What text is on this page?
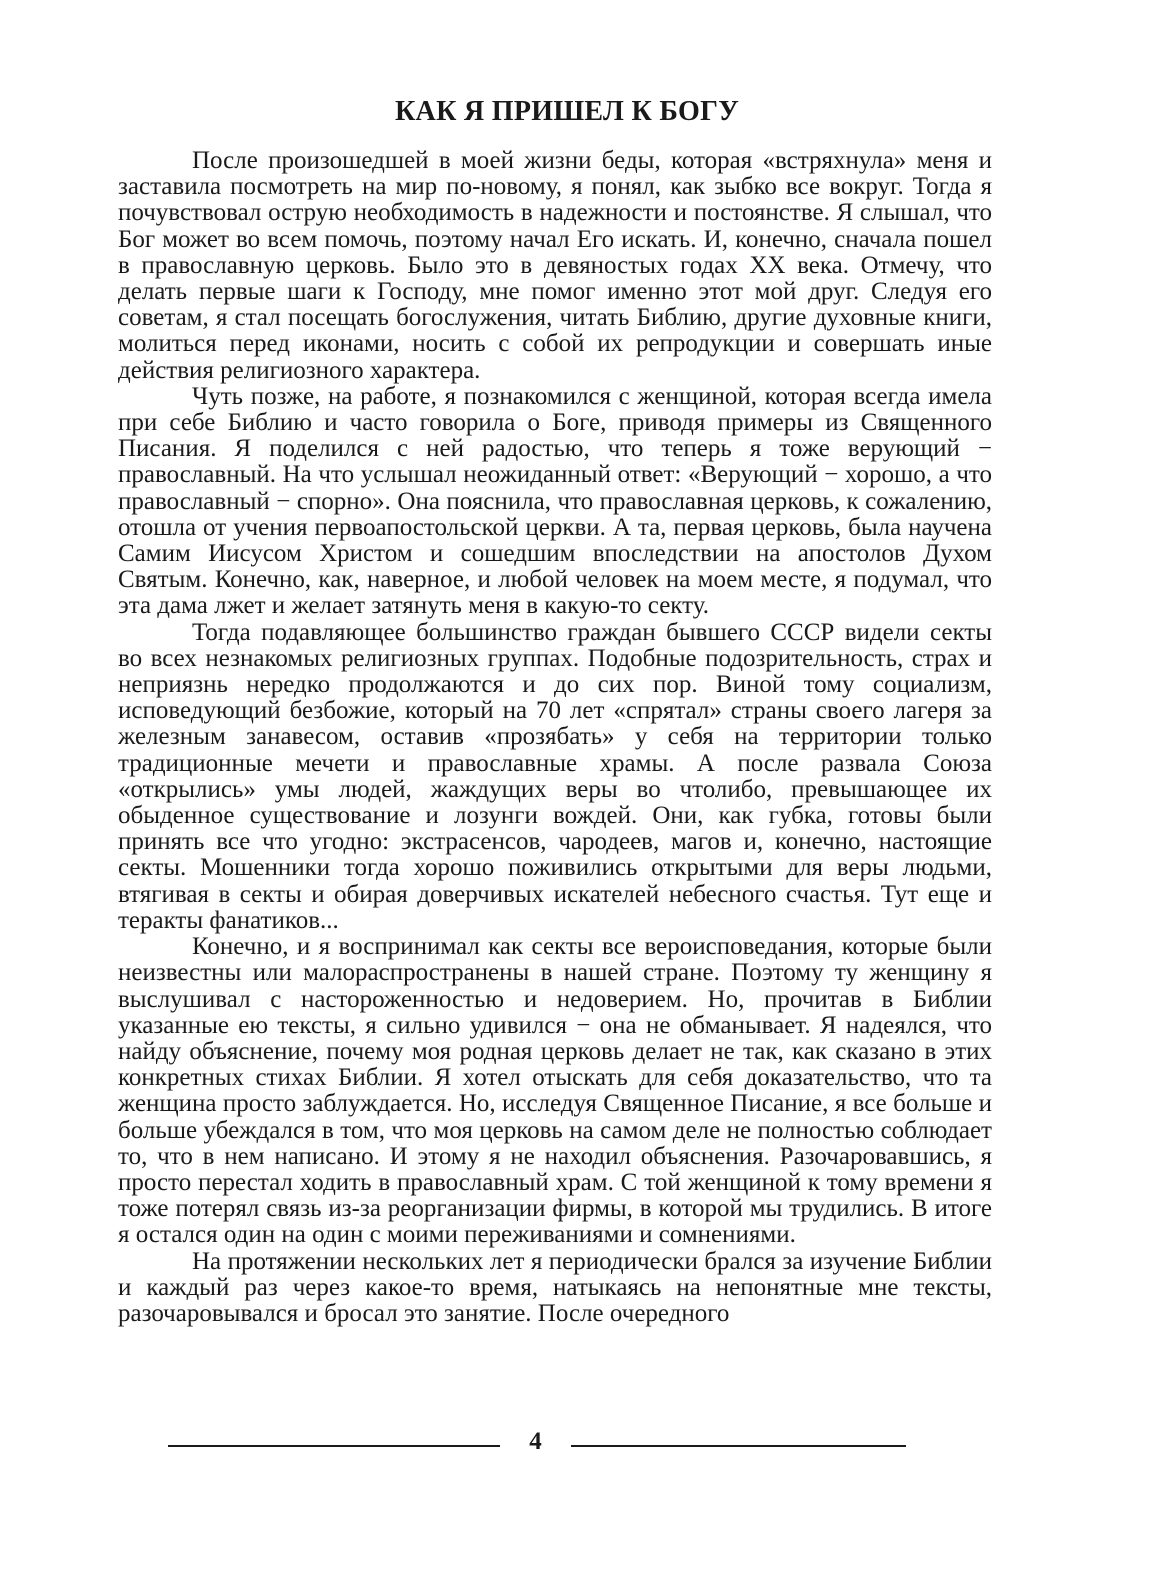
КАК Я ПРИШЕЛ К БОГУ

После произошедшей в моей жизни беды, которая «встряхнула» меня и заставила посмотреть на мир по-новому, я понял, как зыбко все вокруг. Тогда я почувствовал острую необходимость в надежности и постоянстве. Я слышал, что Бог может во всем помочь, поэтому начал Его искать. И, конечно, сначала пошел в православную церковь. Было это в девяностых годах XX века. Отмечу, что делать первые шаги к Господу, мне помог именно этот мой друг. Следуя его советам, я стал посещать богослужения, читать Библию, другие духовные книги, молиться перед иконами, носить с собой их репродукции и совершать иные действия религиозного характера.

Чуть позже, на работе, я познакомился с женщиной, которая всегда имела при себе Библию и часто говорила о Боге, приводя примеры из Священного Писания. Я поделился с ней радостью, что теперь я тоже верующий − православный. На что услышал неожиданный ответ: «Верующий − хорошо, а что православный − спорно». Она пояснила, что православная церковь, к сожалению, отошла от учения первоапостольской церкви. А та, первая церковь, была научена Самим Иисусом Христом и сошедшим впоследствии на апостолов Духом Святым. Конечно, как, наверное, и любой человек на моем месте, я подумал, что эта дама лжет и желает затянуть меня в какую-то секту.

Тогда подавляющее большинство граждан бывшего СССР видели секты во всех незнакомых религиозных группах. Подобные подозрительность, страх и неприязнь нередко продолжаются и до сих пор. Виной тому социализм, исповедующий безбожие, который на 70 лет «спрятал» страны своего лагеря за железным занавесом, оставив «прозябать» у себя на территории только традиционные мечети и православные храмы. А после развала Союза «открылись» умы людей, жаждущих веры во чтолибо, превышающее их обыденное существование и лозунги вождей. Они, как губка, готовы были принять все что угодно: экстрасенсов, чародеев, магов и, конечно, настоящие секты. Мошенники тогда хорошо поживились открытыми для веры людьми, втягивая в секты и обирая доверчивых искателей небесного счастья. Тут еще и теракты фанатиков...

Конечно, и я воспринимал как секты все вероисповедания, которые были неизвестны или малораспространены в нашей стране. Поэтому ту женщину я выслушивал с настороженностью и недоверием. Но, прочитав в Библии указанные ею тексты, я сильно удивился − она не обманывает. Я надеялся, что найду объяснение, почему моя родная церковь делает не так, как сказано в этих конкретных стихах Библии. Я хотел отыскать для себя доказательство, что та женщина просто заблуждается. Но, исследуя Священное Писание, я все больше и больше убеждался в том, что моя церковь на самом деле не полностью соблюдает то, что в нем написано. И этому я не находил объяснения. Разочаровавшись, я просто перестал ходить в православный храм. С той женщиной к тому времени я тоже потерял связь из-за реорганизации фирмы, в которой мы трудились. В итоге я остался один на один с моими переживаниями и сомнениями.

На протяжении нескольких лет я периодически брался за изучение Библии и каждый раз через какое-то время, натыкаясь на непонятные мне тексты, разочаровывался и бросал это занятие. После очередного

4
